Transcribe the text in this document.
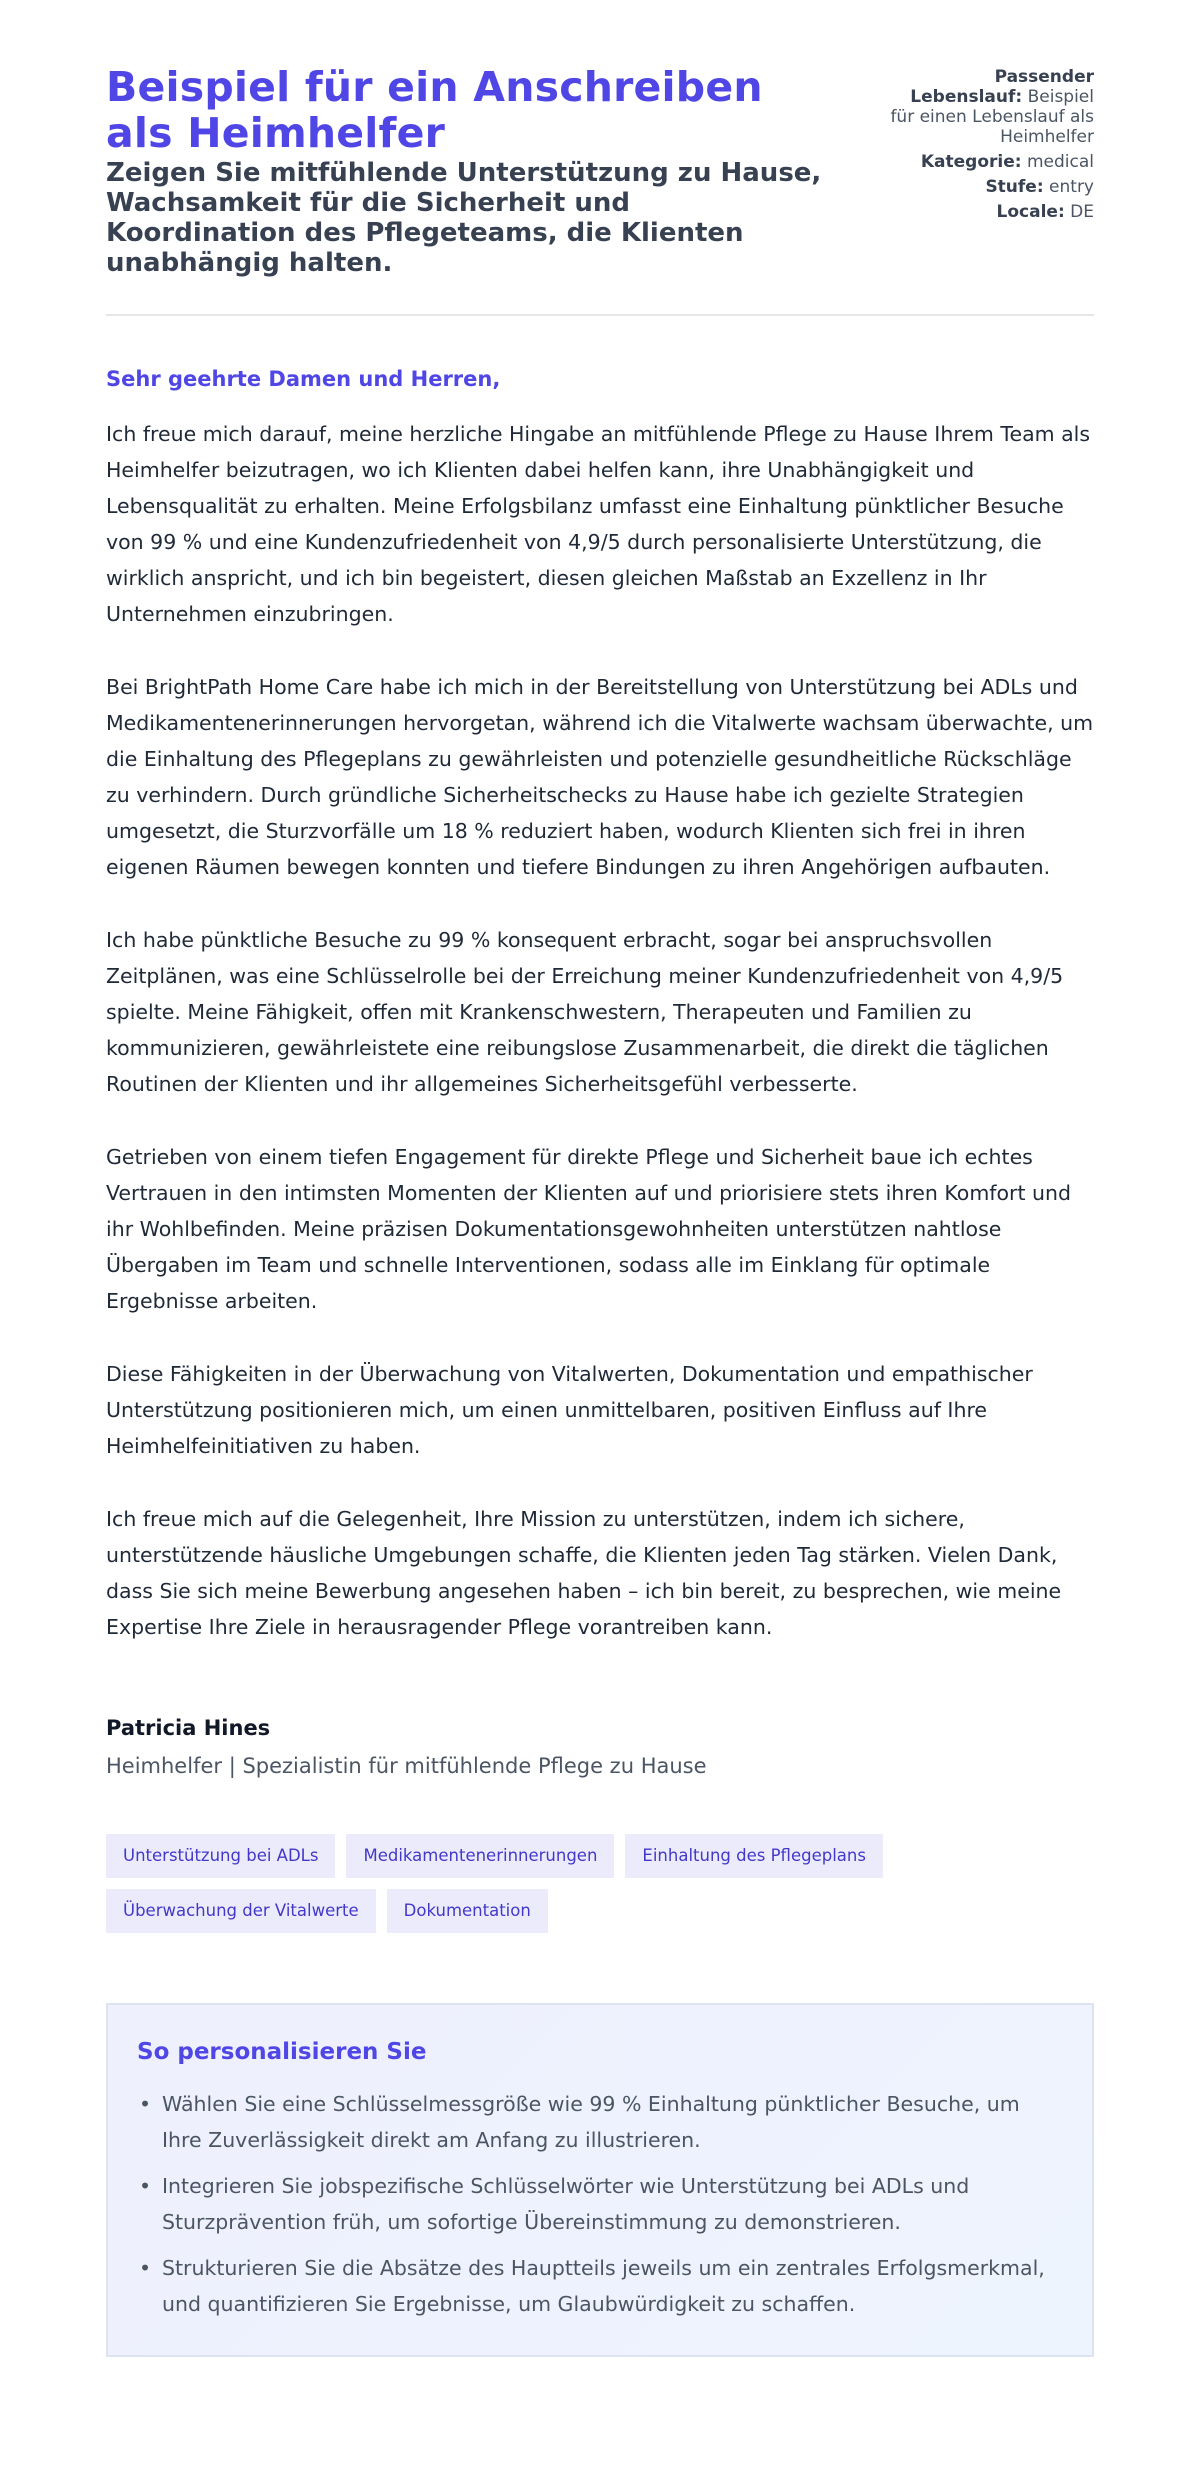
Beispiel für ein Anschreiben als Heimhelfer
Zeigen Sie mitfühlende Unterstützung zu Hause, Wachsamkeit für die Sicherheit und Koordination des Pflegeteams, die Klienten unabhängig halten.
Passender Lebenslauf: Beispiel für einen Lebenslauf als Heimhelfer
Kategorie: medical
Stufe: entry
Locale: DE
Sehr geehrte Damen und Herren,

Ich freue mich darauf, meine herzliche Hingabe an mitfühlende Pflege zu Hause Ihrem Team als Heimhelfer beizutragen, wo ich Klienten dabei helfen kann, ihre Unabhängigkeit und Lebensqualität zu erhalten. Meine Erfolgsbilanz umfasst eine Einhaltung pünktlicher Besuche von 99 % und eine Kundenzufriedenheit von 4,9/5 durch personalisierte Unterstützung, die wirklich anspricht, und ich bin begeistert, diesen gleichen Maßstab an Exzellenz in Ihr Unternehmen einzubringen.

Bei BrightPath Home Care habe ich mich in der Bereitstellung von Unterstützung bei ADLs und Medikamentenerinnerungen hervorgetan, während ich die Vitalwerte wachsam überwachte, um die Einhaltung des Pflegeplans zu gewährleisten und potenzielle gesundheitliche Rückschläge zu verhindern. Durch gründliche Sicherheitschecks zu Hause habe ich gezielte Strategien umgesetzt, die Sturzvorfälle um 18 % reduziert haben, wodurch Klienten sich frei in ihren eigenen Räumen bewegen konnten und tiefere Bindungen zu ihren Angehörigen aufbauten.

Ich habe pünktliche Besuche zu 99 % konsequent erbracht, sogar bei anspruchsvollen Zeitplänen, was eine Schlüsselrolle bei der Erreichung meiner Kundenzufriedenheit von 4,9/5 spielte. Meine Fähigkeit, offen mit Krankenschwestern, Therapeuten und Familien zu kommunizieren, gewährleistete eine reibungslose Zusammenarbeit, die direkt die täglichen Routinen der Klienten und ihr allgemeines Sicherheitsgefühl verbesserte.

Getrieben von einem tiefen Engagement für direkte Pflege und Sicherheit baue ich echtes Vertrauen in den intimsten Momenten der Klienten auf und priorisiere stets ihren Komfort und ihr Wohlbefinden. Meine präzisen Dokumentationsgewohnheiten unterstützen nahtlose Übergaben im Team und schnelle Interventionen, sodass alle im Einklang für optimale Ergebnisse arbeiten.

Diese Fähigkeiten in der Überwachung von Vitalwerten, Dokumentation und empathischer Unterstützung positionieren mich, um einen unmittelbaren, positiven Einfluss auf Ihre Heimhelfeinitiativen zu haben.

Ich freue mich auf die Gelegenheit, Ihre Mission zu unterstützen, indem ich sichere, unterstützende häusliche Umgebungen schaffe, die Klienten jeden Tag stärken. Vielen Dank, dass Sie sich meine Bewerbung angesehen haben – ich bin bereit, zu besprechen, wie meine Expertise Ihre Ziele in herausragender Pflege vorantreiben kann.

Patricia Hines
Heimhelfer | Spezialistin für mitfühlende Pflege zu Hause
Unterstützung bei ADLs	Medikamentenerinnerungen	Einhaltung des Pflegeplans
Überwachung der Vitalwerte	Dokumentation
So personalisieren Sie
• Wählen Sie eine Schlüsselmessgröße wie 99 % Einhaltung pünktlicher Besuche, um Ihre Zuverlässigkeit direkt am Anfang zu illustrieren.
• Integrieren Sie jobspezifische Schlüsselwörter wie Unterstützung bei ADLs und Sturzprävention früh, um sofortige Übereinstimmung zu demonstrieren.
• Strukturieren Sie die Absätze des Hauptteils jeweils um ein zentrales Erfolgsmerkmal, und quantifizieren Sie Ergebnisse, um Glaubwürdigkeit zu schaffen.
